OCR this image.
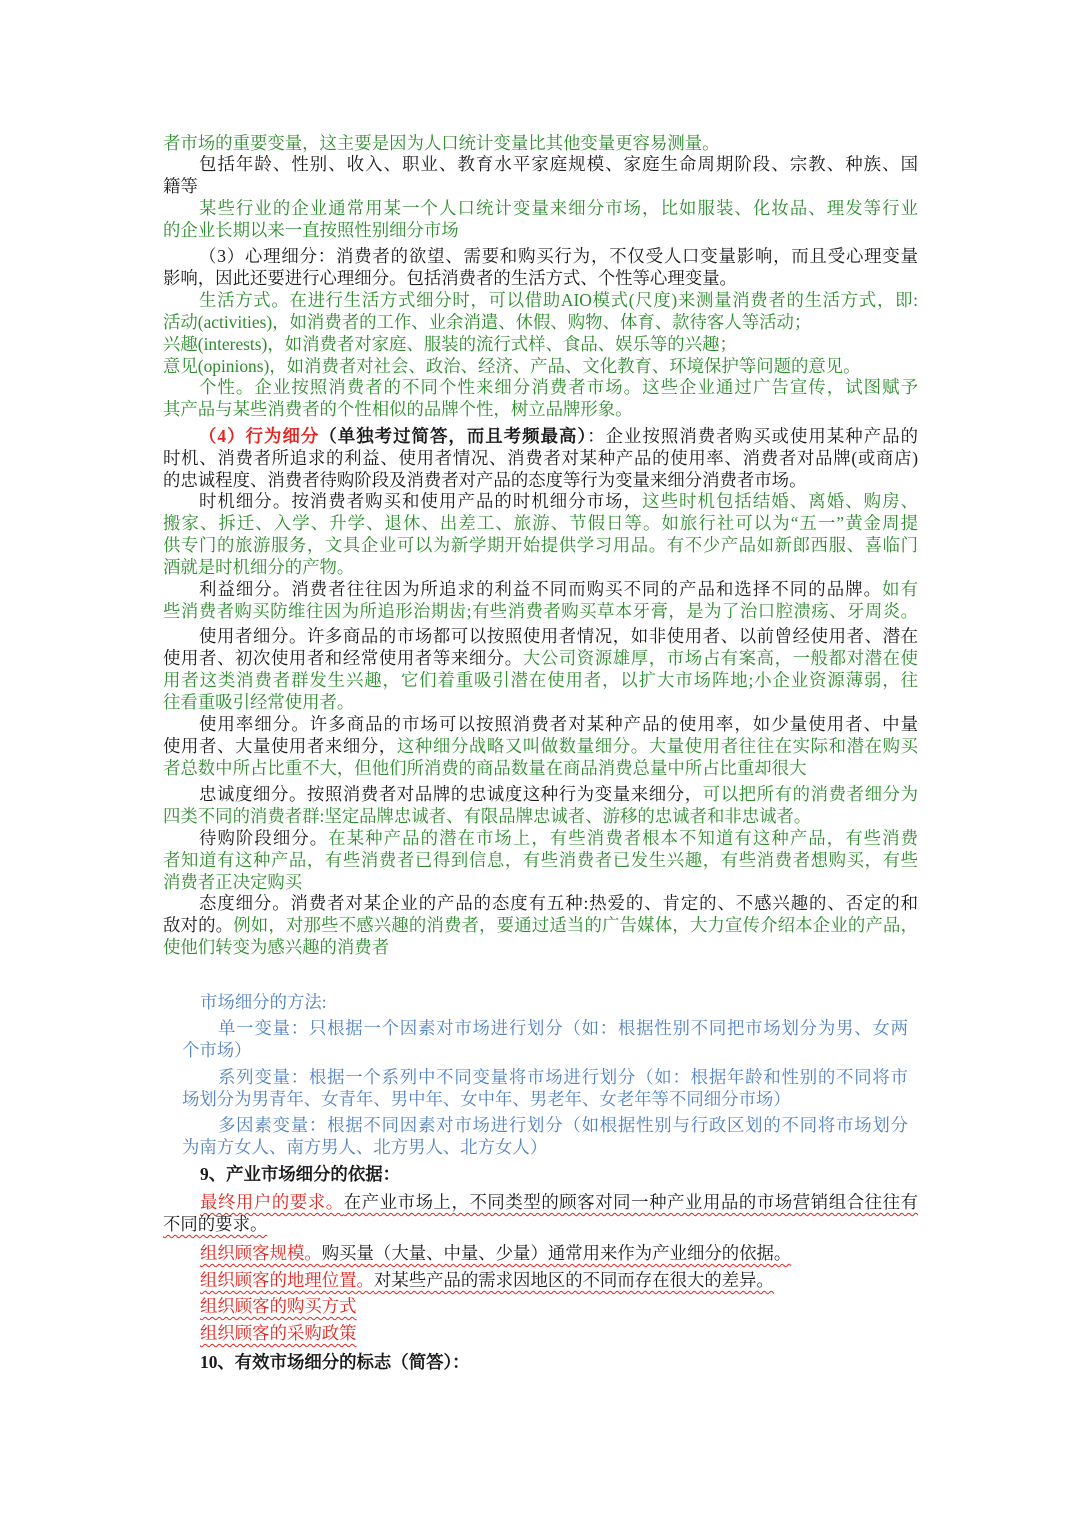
者市场的重要变量，这主要是因为人口统计变量比其他变量更容易测量。
包括年龄、性别、收入、职业、教育水平家庭规模、家庭生命周期阶段、宗教、种族、国
籍等
某些行业的企业通常用某一个人口统计变量来细分市场，比如服装、化妆品、理发等行业
的企业长期以来一直按照性别细分市场
（3）心理细分：消费者的欲望、需要和购买行为，不仅受人口变量影响，而且受心理变量
影响，因此还要进行心理细分。包括消费者的生活方式、个性等心理变量。
生活方式。在进行生活方式细分时，可以借助AIO模式(尺度)来测量消费者的生活方式，即:
活动(activities)，如消费者的工作、业余消遣、休假、购物、体育、款待客人等活动；
兴趣(interests)，如消费者对家庭、服装的流行式样、食品、娱乐等的兴趣；
意见(opinions)，如消费者对社会、政治、经济、产品、文化教育、环境保护等问题的意见。
个性。企业按照消费者的不同个性来细分消费者市场。这些企业通过广告宣传，试图赋予
其产品与某些消费者的个性相似的品牌个性，树立品牌形象。
（4）行为细分（单独考过简答，而且考频最高）：企业按照消费者购买或使用某种产品的
时机、消费者所追求的利益、使用者情况、消费者对某种产品的使用率、消费者对品牌(或商店)
的忠诚程度、消费者待购阶段及消费者对产品的态度等行为变量来细分消费者市场。
时机细分。按消费者购买和使用产品的时机细分市场，这些时机包括结婚、离婚、购房、
搬家、拆迁、入学、升学、退休、出差工、旅游、节假日等。如旅行社可以为“五一”黄金周提
供专门的旅游服务，文具企业可以为新学期开始提供学习用品。有不少产品如新郎西服、喜临门
酒就是时机细分的产物。
利益细分。消费者往往因为所追求的利益不同而购买不同的产品和选择不同的品牌。如有
些消费者购买防维往因为所追形治期齿;有些消费者购买草本牙膏，是为了治口腔溃疡、牙周炎。
使用者细分。许多商品的市场都可以按照使用者情况，如非使用者、以前曾经使用者、潜在
使用者、初次使用者和经常使用者等来细分。大公司资源雄厚，市场占有案高，一般都对潜在使
用者这类消费者群发生兴趣，它们着重吸引潜在使用者，以扩大市场阵地;小企业资源薄弱，往
往看重吸引经常使用者。
使用率细分。许多商品的市场可以按照消费者对某种产品的使用率，如少量使用者、中量
使用者、大量使用者来细分，这种细分战略又叫做数量细分。大量使用者往往在实际和潜在购买
者总数中所占比重不大，但他们所消费的商品数量在商品消费总量中所占比重却很大
忠诚度细分。按照消费者对品牌的忠诚度这种行为变量来细分，可以把所有的消费者细分为
四类不同的消费者群:坚定品牌忠诚者、有限品牌忠诚者、游移的忠诚者和非忠诚者。
待购阶段细分。在某种产品的潜在市场上，有些消费者根本不知道有这种产品，有些消费
者知道有这种产品，有些消费者已得到信息，有些消费者已发生兴趣，有些消费者想购买，有些
消费者正决定购买
态度细分。消费者对某企业的产品的态度有五种:热爱的、肯定的、不感兴趣的、否定的和
敌对的。例如，对那些不感兴趣的消费者，要通过适当的广告媒体，大力宣传介绍本企业的产品，
使他们转变为感兴趣的消费者
市场细分的方法:
单一变量：只根据一个因素对市场进行划分（如：根据性别不同把市场划分为男、女两
个市场）
系列变量：根据一个系列中不同变量将市场进行划分（如：根据年龄和性别的不同将市
场划分为男青年、女青年、男中年、女中年、男老年、女老年等不同细分市场）
多因素变量：根据不同因素对市场进行划分（如根据性别与行政区划的不同将市场划分
为南方女人、南方男人、北方男人、北方女人）
9、产业市场细分的依据：
最终用户的要求。在产业市场上，不同类型的顾客对同一种产业用品的市场营销组合往往有
不同的要求。
组织顾客规模。购买量（大量、中量、少量）通常用来作为产业细分的依据。
组织顾客的地理位置。对某些产品的需求因地区的不同而存在很大的差异。
组织顾客的购买方式
组织顾客的采购政策
10、有效市场细分的标志（简答）：
